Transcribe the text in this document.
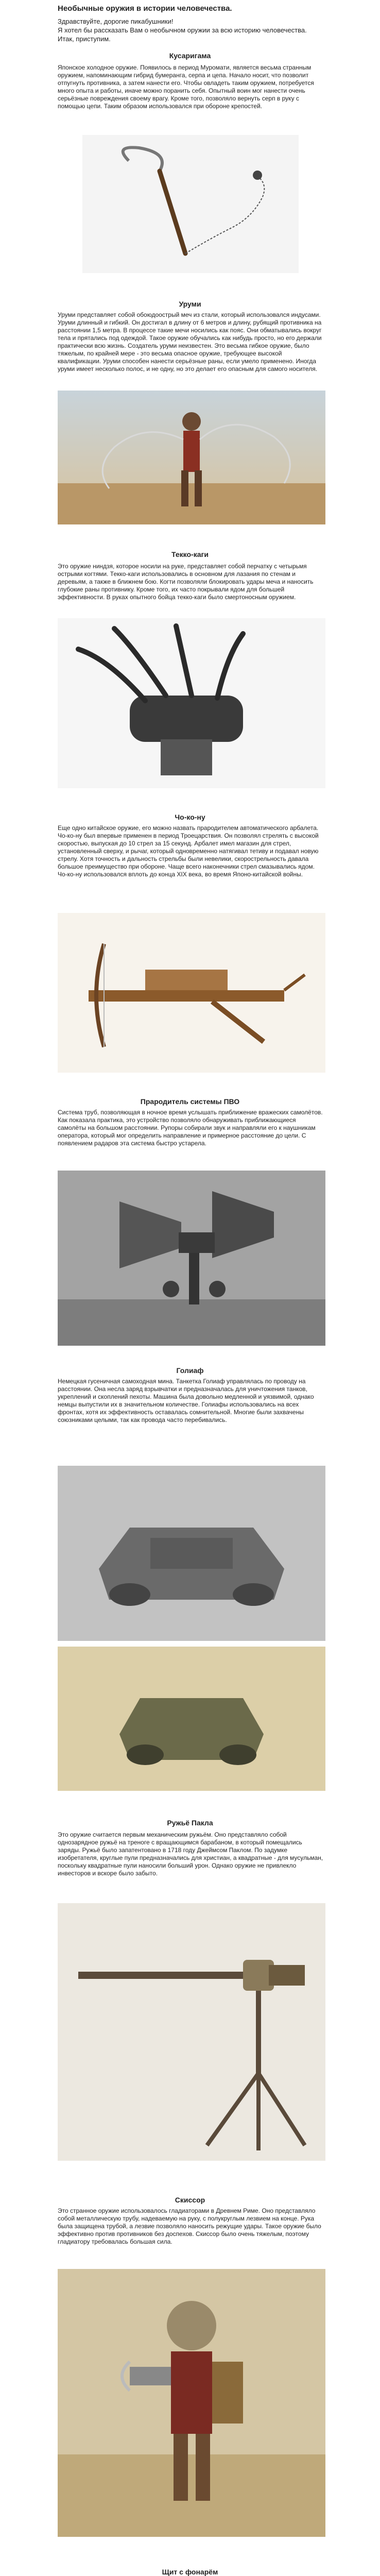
Необычные оружия в истории человечества.

Здравствуйте, дорогие пикабушники!

Я хотел бы рассказать Вам о необычном оружии за всю историю человечества.

Итак, приступим.

Кусаригама
Японское холодное оружие. Появилось в период Муромати, является весьма странным оружием, напоминающим гибрид бумеранга, серпа и цепа. Начало носит, что позволит отпугнуть противника, а затем нанести его. Чтобы овладеть таким оружием, потребуется много опыта и работы, иначе можно поранить себя. Опытный воин мог нанести очень серьёзные повреждения своему врагу. Кроме того, позволяло вернуть серп в руку с помощью цепи. Таким образом использовался при обороне крепостей.
Уруми
Уруми представляет собой обоюдоострый меч из стали, который использовался индусами. Уруми длинный и гибкий. Он достигал в длину от 6 метров и длину, рубящий противника на расстоянии 1,5 метра. В процессе такие мечи носились как пояс. Они обматывались вокруг тела и прятались под одеждой. Такое оружие обучались как нибудь просто, но его держали практически всю жизнь. Создатель уруми неизвестен. Это весьма гибкое оружие, было тяжелым, по крайней мере - это весьма опасное оружие, требующее высокой квалификации. Уруми способен нанести серьёзные раны, если умело применено. Иногда уруми имеет несколько полос, и не одну, но это делает его опасным для самого носителя.
Текко-каги
Это оружие ниндзя, которое носили на руке, представляет собой перчатку с четырьмя острыми когтями. Текко-каги использовались в основном для лазания по стенам и деревьям, а также в ближнем бою. Когти позволяли блокировать удары меча и наносить глубокие раны противнику. Кроме того, их часто покрывали ядом для большей эффективности. В руках опытного бойца текко-каги было смертоносным оружием.
Чо-ко-ну
Еще одно китайское оружие, его можно назвать прародителем автоматического арбалета. Чо-ко-ну был впервые применен в период Троецарствия. Он позволял стрелять с высокой скоростью, выпуская до 10 стрел за 15 секунд. Арбалет имел магазин для стрел, установленный сверху, и рычаг, который одновременно натягивал тетиву и подавал новую стрелу. Хотя точность и дальность стрельбы были невелики, скорострельность давала большое преимущество при обороне. Чаще всего наконечники стрел смазывались ядом. Чо-ко-ну использовался вплоть до конца XIX века, во время Японо-китайской войны.
Прародитель системы ПВО
Система труб, позволяющая в ночное время услышать приближение вражеских самолётов. Как показала практика, это устройство позволяло обнаруживать приближающиеся самолёты на большом расстоянии. Рупоры собирали звук и направляли его к наушникам оператора, который мог определить направление и примерное расстояние до цели. С появлением радаров эта система быстро устарела.
Голиаф
Немецкая гусеничная самоходная мина. Танкетка Голиаф управлялась по проводу на расстоянии. Она несла заряд взрывчатки и предназначалась для уничтожения танков, укреплений и скоплений пехоты. Машина была довольно медленной и уязвимой, однако немцы выпустили их в значительном количестве. Голиафы использовались на всех фронтах, хотя их эффективность оставалась сомнительной. Многие были захвачены союзниками целыми, так как провода часто перебивались.
Ружьё Пакла
Это оружие считается первым механическим ружьём. Оно представляло собой однозарядное ружьё на треноге с вращающимся барабаном, в который помещались заряды. Ружьё было запатентовано в 1718 году Джеймсом Паклом. По задумке изобретателя, круглые пули предназначались для христиан, а квадратные - для мусульман, поскольку квадратные пули наносили больший урон. Однако оружие не привлекло инвесторов и вскоре было забыто.
Скиссор
Это странное оружие использовалось гладиаторами в Древнем Риме. Оно представляло собой металлическую трубу, надеваемую на руку, с полукруглым лезвием на конце. Рука была защищена трубой, а лезвие позволяло наносить режущие удары. Такое оружие было эффективно против противников без доспехов. Скиссор было очень тяжелым, поэтому гладиатору требовалась большая сила.
Щит с фонарём
